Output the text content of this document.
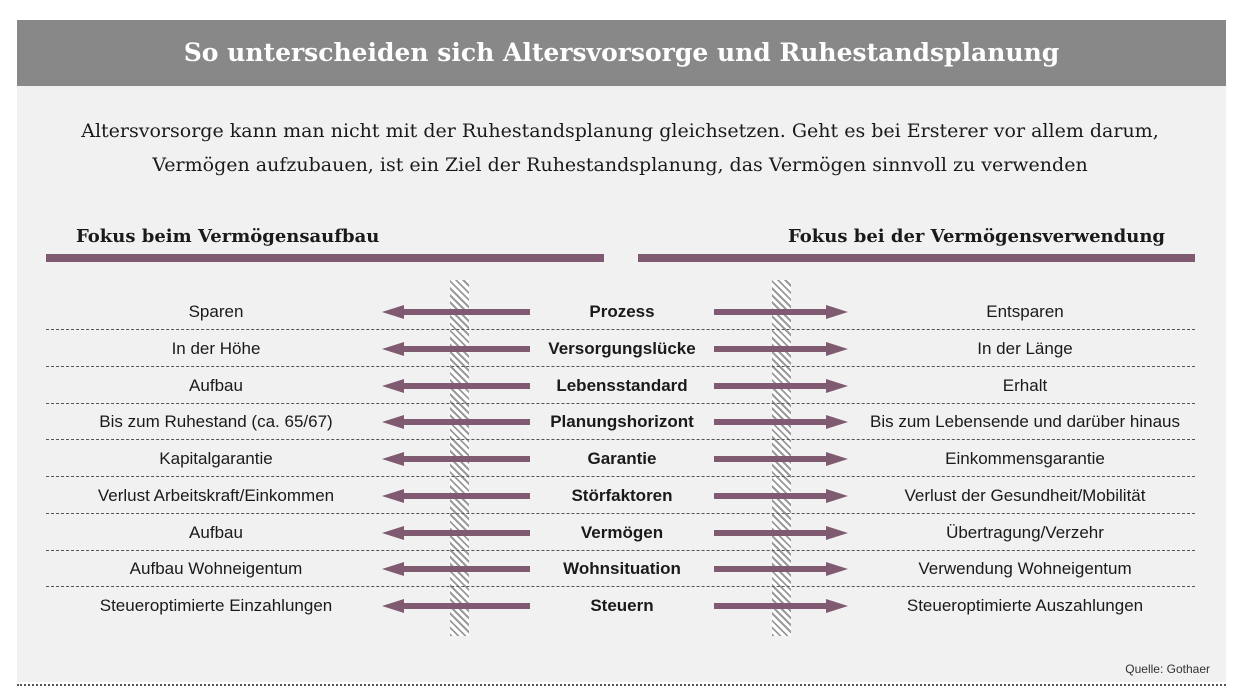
So unterscheiden sich Altersvorsorge und Ruhestandsplanung
Altersvorsorge kann man nicht mit der Ruhestandsplanung gleichsetzen. Geht es bei Ersterer vor allem darum,
Vermögen aufzubauen, ist ein Ziel der Ruhestandsplanung, das Vermögen sinnvoll zu verwenden
Fokus beim Vermögensaufbau	Fokus bei der Vermögensverwendung
Sparen	Prozess	Entsparen
In der Höhe	Versorgungslücke	In der Länge
Aufbau	Lebensstandard	Erhalt
Bis zum Ruhestand (ca. 65/67)	Planungshorizont	Bis zum Lebensende und darüber hinaus
Kapitalgarantie	Garantie	Einkommensgarantie
Verlust Arbeitskraft/Einkommen	Störfaktoren	Verlust der Gesundheit/Mobilität
Aufbau	Vermögen	Übertragung/Verzehr
Aufbau Wohneigentum	Wohnsituation	Verwendung Wohneigentum
Steueroptimierte Einzahlungen	Steuern	Steueroptimierte Auszahlungen
Quelle: Gothaer
